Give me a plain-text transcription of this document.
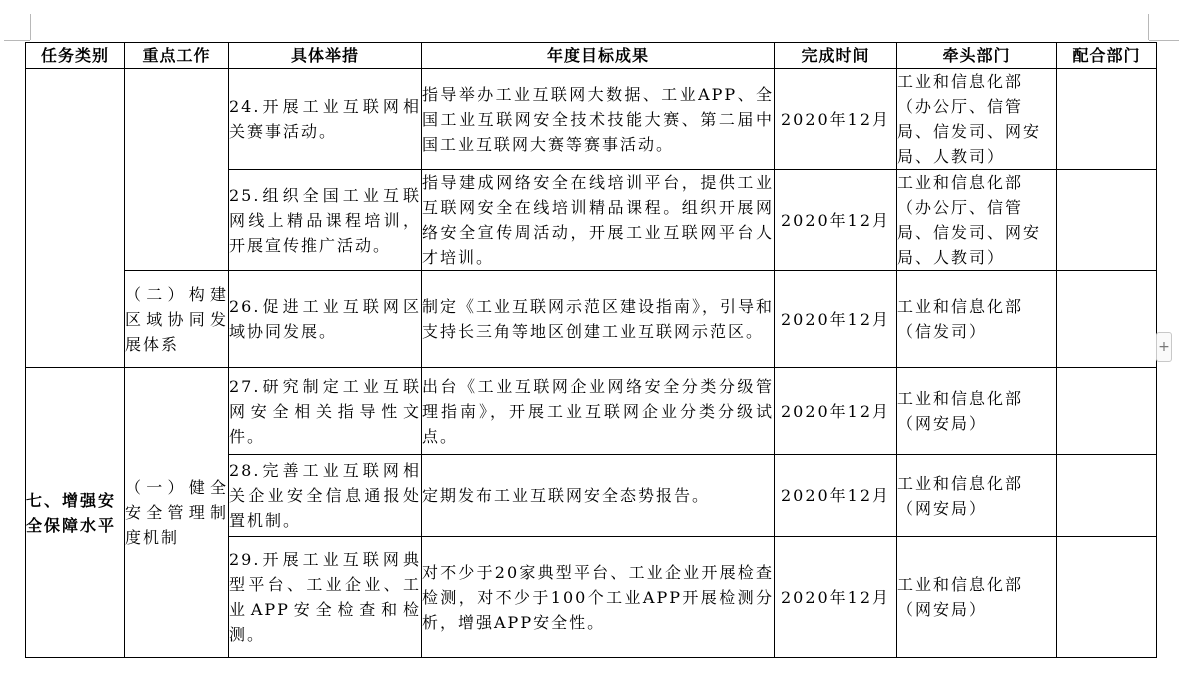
任务类别	重点工作	具体举措	年度目标成果	完成时间	牵头部门	配合部门
		24.开展工业互联网相关赛事活动。	指导举办工业互联网大数据、工业APP、全国工业互联网安全技术技能大赛、第二届中国工业互联网大赛等赛事活动。	2020年12月	工业和信息化部（办公厅、信管局、信发司、网安局、人教司）	
		25.组织全国工业互联网线上精品课程培训，开展宣传推广活动。	指导建成网络安全在线培训平台，提供工业互联网安全在线培训精品课程。组织开展网络安全宣传周活动，开展工业互联网平台人才培训。	2020年12月	工业和信息化部（办公厅、信管局、信发司、网安局、人教司）	
	（二）构建区域协同发展体系	26.促进工业互联网区域协同发展。	制定《工业互联网示范区建设指南》，引导和支持长三角等地区创建工业互联网示范区。	2020年12月	工业和信息化部（信发司）	
七、增强安全保障水平	（一）健全安全管理制度机制	27.研究制定工业互联网安全相关指导性文件。	出台《工业互联网企业网络安全分类分级管理指南》，开展工业互联网企业分类分级试点。	2020年12月	工业和信息化部（网安局）	
		28.完善工业互联网相关企业安全信息通报处置机制。	定期发布工业互联网安全态势报告。	2020年12月	工业和信息化部（网安局）	
		29.开展工业互联网典型平台、工业企业、工业APP安全检查和检测。	对不少于20家典型平台、工业企业开展检查检测，对不少于100个工业APP开展检测分析，增强APP安全性。	2020年12月	工业和信息化部（网安局）	
+
